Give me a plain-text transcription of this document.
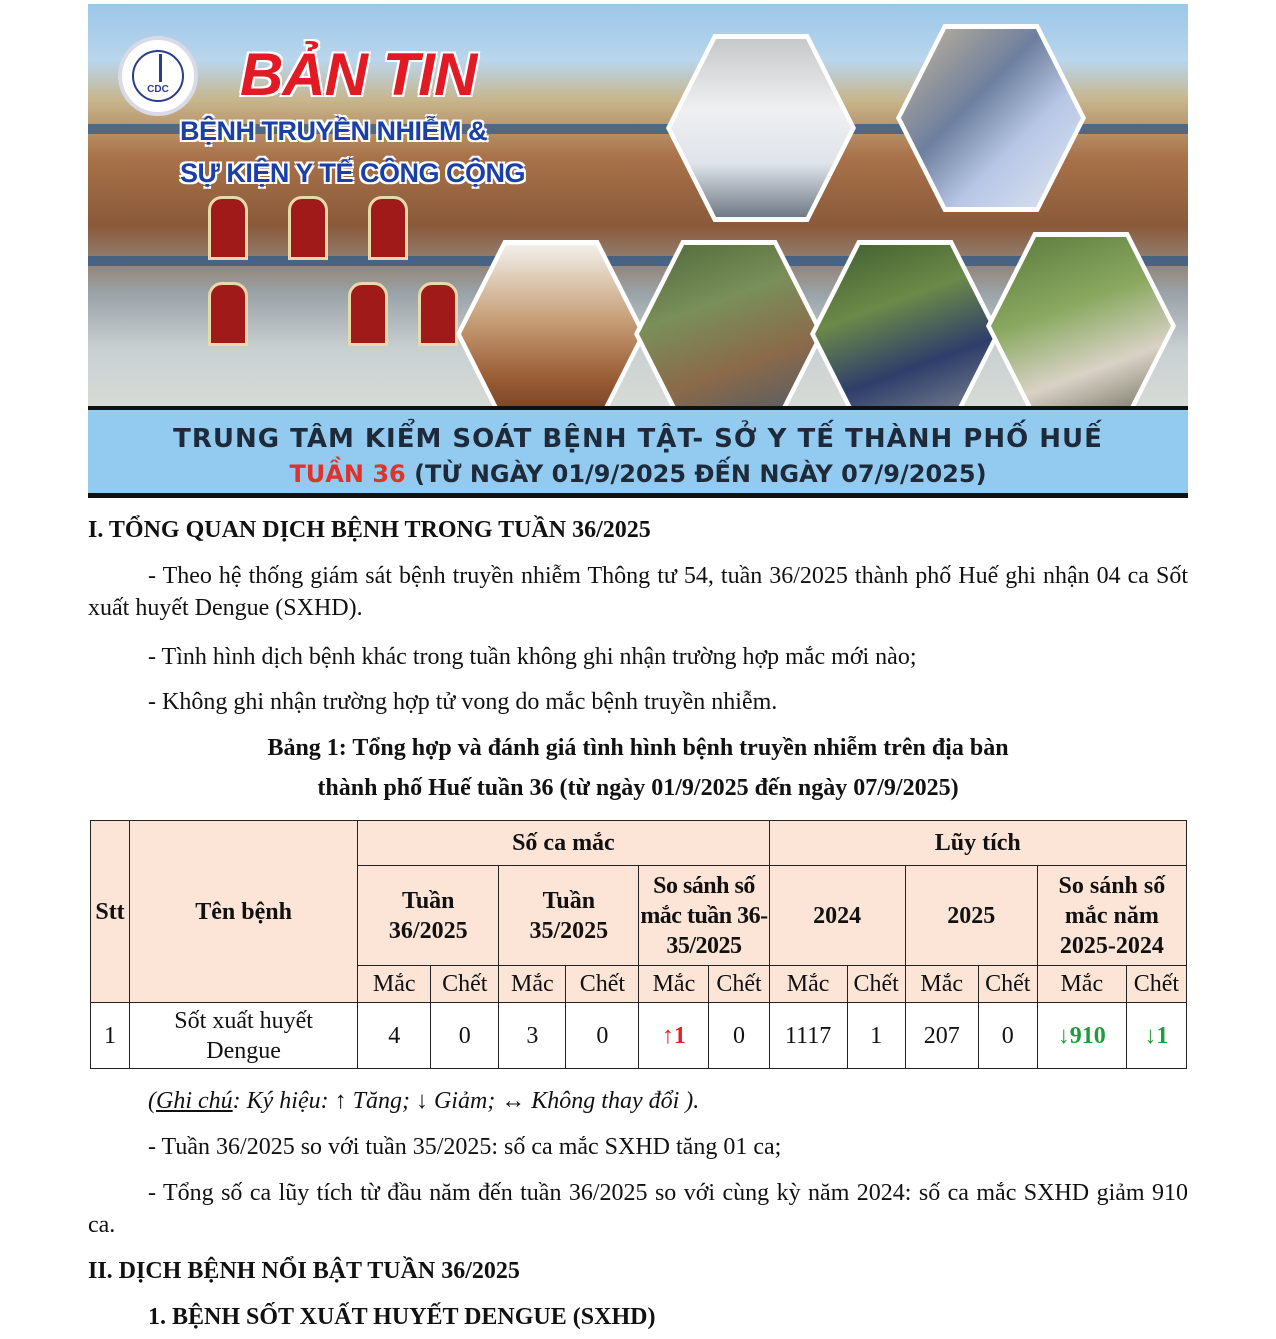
CDC	BẢN TIN
BỆNH TRUYỀN NHIỄM &
SỰ KIỆN Y TẾ CÔNG CỘNG
TRUNG TÂM KIỂM SOÁT BỆNH TẬT- SỞ Y TẾ THÀNH PHỐ HUẾ
TUẦN 36 (TỪ NGÀY 01/9/2025 ĐẾN NGÀY 07/9/2025)
I. TỔNG QUAN DỊCH BỆNH TRONG TUẦN 36/2025
- Theo hệ thống giám sát bệnh truyền nhiễm Thông tư 54, tuần 36/2025 thành phố Huế ghi nhận 04 ca Sốt xuất huyết Dengue (SXHD).
- Tình hình dịch bệnh khác trong tuần không ghi nhận trường hợp mắc mới nào;
- Không ghi nhận trường hợp tử vong do mắc bệnh truyền nhiễm.
Bảng 1: Tổng hợp và đánh giá tình hình bệnh truyền nhiễm trên địa bàn
thành phố Huế tuần 36 (từ ngày 01/9/2025 đến ngày 07/9/2025)
Stt	Tên bệnh	Số ca mắc						Lũy tích					
		Tuần 36/2025		Tuần 35/2025		So sánh số mắc tuần 36-35/2025		2024		2025		So sánh số mắc năm 2025-2024	
		Mắc	Chết	Mắc	Chết	Mắc	Chết	Mắc	Chết	Mắc	Chết	Mắc	Chết
1	Sốt xuất huyết Dengue	4	0	3	0	↑1	0	1117	1	207	0	↓910	↓1
(Ghi chú: Ký hiệu: ↑ Tăng; ↓ Giảm; ↔ Không thay đổi ).
- Tuần 36/2025 so với tuần 35/2025: số ca mắc SXHD tăng 01 ca;
- Tổng số ca lũy tích từ đầu năm đến tuần 36/2025 so với cùng kỳ năm 2024: số ca mắc SXHD giảm 910 ca.
II. DỊCH BỆNH NỔI BẬT TUẦN 36/2025
1. BỆNH SỐT XUẤT HUYẾT DENGUE (SXHD)
